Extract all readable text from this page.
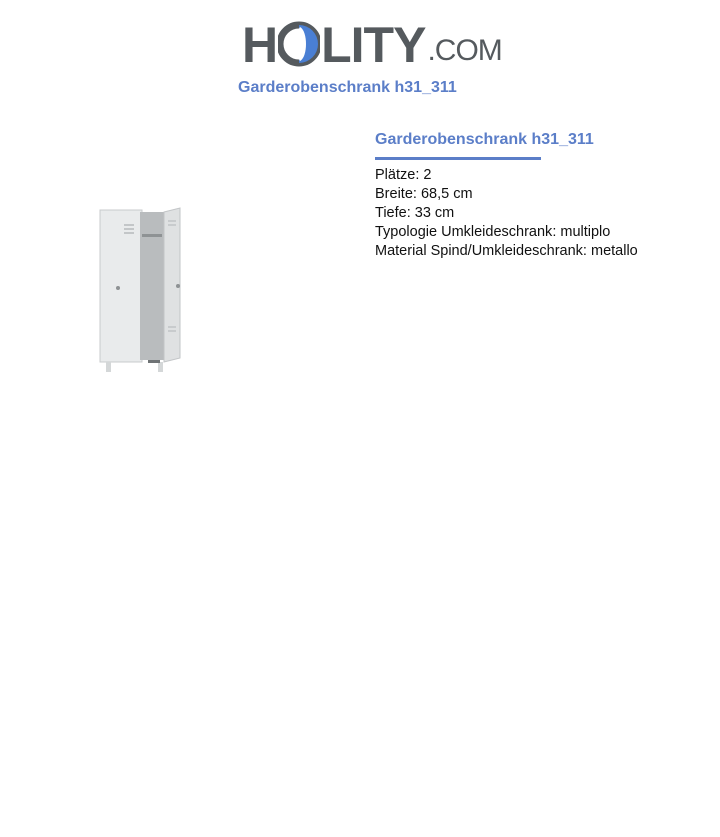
H LITY .COM
Garderobenschrank h31_311
Garderobenschrank h31_311
Plätze: 2
Breite: 68,5 cm
Tiefe: 33 cm
Typologie Umkleideschrank: multiplo
Material Spind/Umkleideschrank: metallo
